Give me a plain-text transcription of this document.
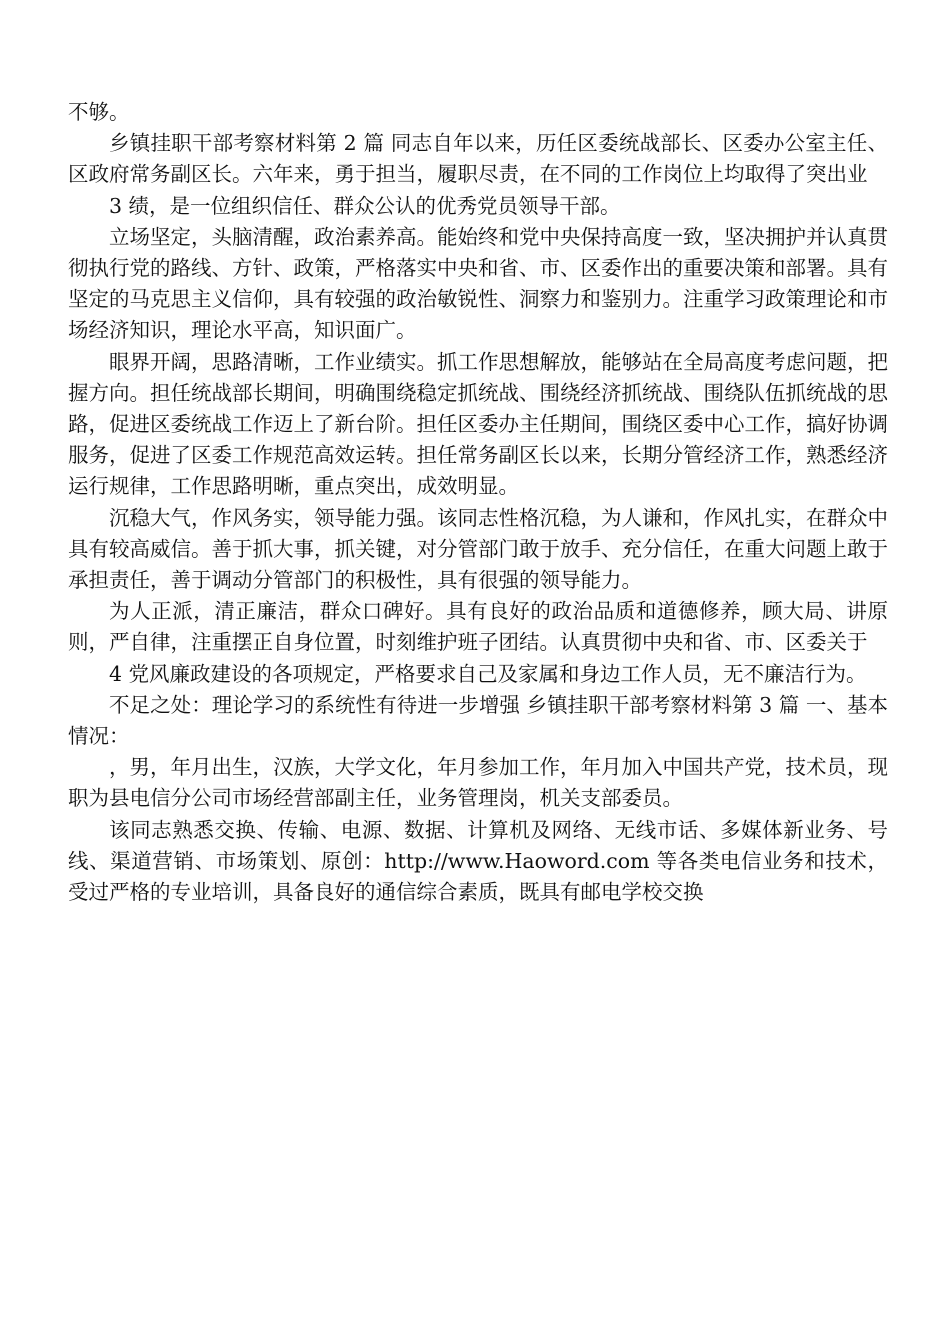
不够。

乡镇挂职干部考察材料第 2 篇 同志自年以来，历任区委统战部长、区委办公室主任、区政府常务副区长。六年来，勇于担当，履职尽责，在不同的工作岗位上均取得了突出业

3 绩，是一位组织信任、群众公认的优秀党员领导干部。

立场坚定，头脑清醒，政治素养高。能始终和党中央保持高度一致，坚决拥护并认真贯彻执行党的路线、方针、政策，严格落实中央和省、市、区委作出的重要决策和部署。具有坚定的马克思主义信仰，具有较强的政治敏锐性、洞察力和鉴别力。注重学习政策理论和市场经济知识，理论水平高，知识面广。

眼界开阔，思路清晰，工作业绩实。抓工作思想解放，能够站在全局高度考虑问题，把握方向。担任统战部长期间，明确围绕稳定抓统战、围绕经济抓统战、围绕队伍抓统战的思路，促进区委统战工作迈上了新台阶。担任区委办主任期间，围绕区委中心工作，搞好协调服务，促进了区委工作规范高效运转。担任常务副区长以来，长期分管经济工作，熟悉经济运行规律，工作思路明晰，重点突出，成效明显。

沉稳大气，作风务实，领导能力强。该同志性格沉稳，为人谦和，作风扎实，在群众中具有较高威信。善于抓大事，抓关键，对分管部门敢于放手、充分信任，在重大问题上敢于承担责任，善于调动分管部门的积极性，具有很强的领导能力。

为人正派，清正廉洁，群众口碑好。具有良好的政治品质和道德修养，顾大局、讲原则，严自律，注重摆正自身位置，时刻维护班子团结。认真贯彻中央和省、市、区委关于

4 党风廉政建设的各项规定，严格要求自己及家属和身边工作人员，无不廉洁行为。

不足之处：理论学习的系统性有待进一步增强 乡镇挂职干部考察材料第 3 篇 一、基本情况：

，男，年月出生，汉族，大学文化，年月参加工作，年月加入中国共产党，技术员，现职为县电信分公司市场经营部副主任，业务管理岗，机关支部委员。

该同志熟悉交换、传输、电源、数据、计算机及网络、无线市话、多媒体新业务、号线、渠道营销、市场策划、原创：http://www.Haoword.com 等各类电信业务和技术，受过严格的专业培训，具备良好的通信综合素质，既具有邮电学校交换
